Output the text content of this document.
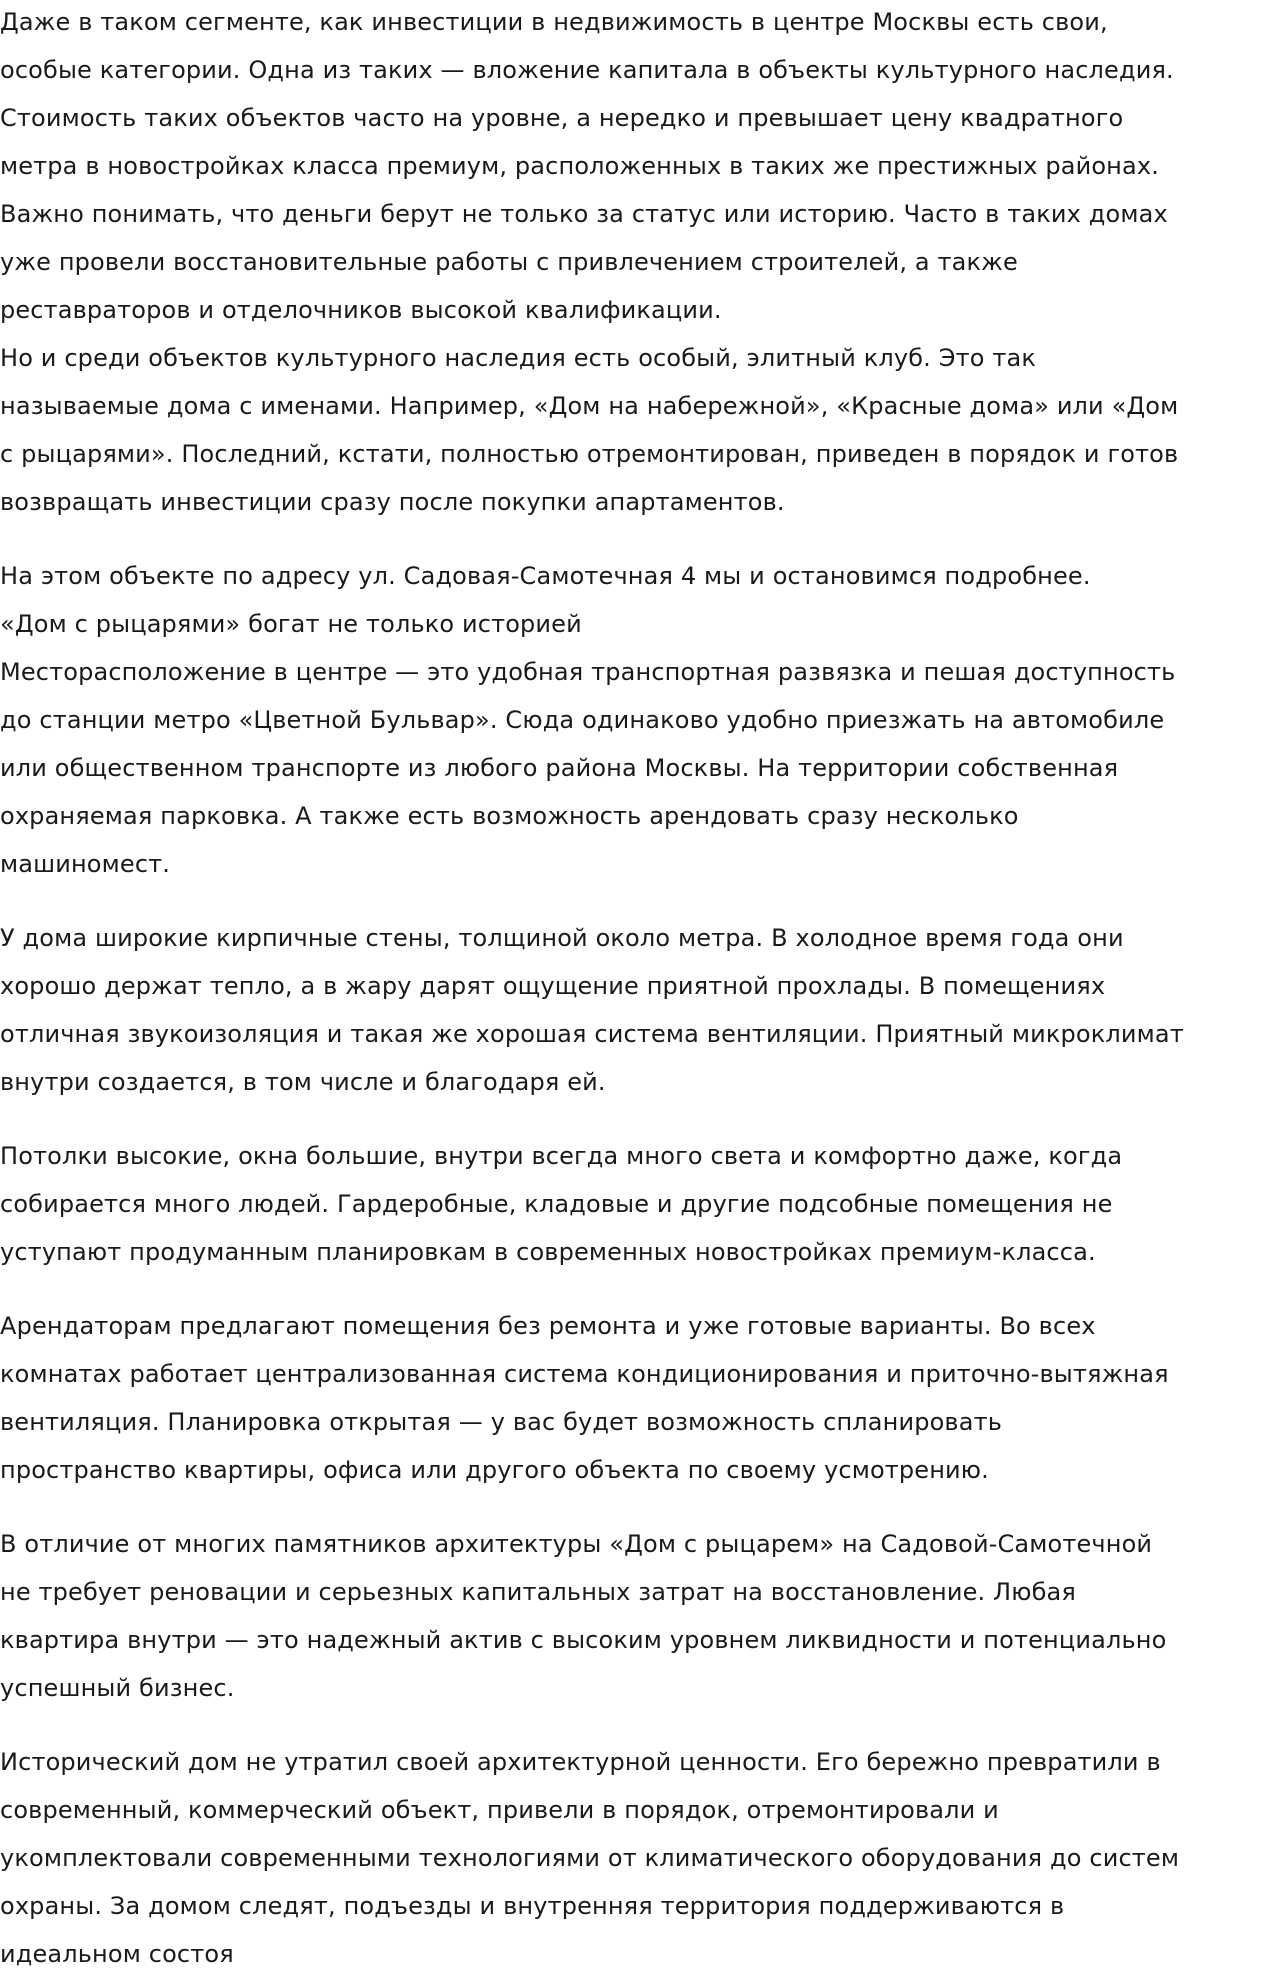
Даже в таком сегменте, как инвестиции в недвижимость в центре Москвы есть свои,
особые категории. Одна из таких — вложение капитала в объекты культурного наследия.
Стоимость таких объектов часто на уровне, а нередко и превышает цену квадратного
метра в новостройках класса премиум, расположенных в таких же престижных районах.
Важно понимать, что деньги берут не только за статус или историю. Часто в таких домах
уже провели восстановительные работы с привлечением строителей, а также
реставраторов и отделочников высокой квалификации.
Но и среди объектов культурного наследия есть особый, элитный клуб. Это так
называемые дома с именами. Например, «Дом на набережной», «Красные дома» или «Дом
с рыцарями». Последний, кстати, полностью отремонтирован, приведен в порядок и готов
возвращать инвестиции сразу после покупки апартаментов.

На этом объекте по адресу ул. Садовая-Самотечная 4 мы и остановимся подробнее.
«Дом с рыцарями» богат не только историей
Месторасположение в центре — это удобная транспортная развязка и пешая доступность
до станции метро «Цветной Бульвар». Сюда одинаково удобно приезжать на автомобиле
или общественном транспорте из любого района Москвы. На территории собственная
охраняемая парковка. А также есть возможность арендовать сразу несколько
машиномест.

У дома широкие кирпичные стены, толщиной около метра. В холодное время года они
хорошо держат тепло, а в жару дарят ощущение приятной прохлады. В помещениях
отличная звукоизоляция и такая же хорошая система вентиляции. Приятный микроклимат
внутри создается, в том числе и благодаря ей.

Потолки высокие, окна большие, внутри всегда много света и комфортно даже, когда
собирается много людей. Гардеробные, кладовые и другие подсобные помещения не
уступают продуманным планировкам в современных новостройках премиум-класса.

Арендаторам предлагают помещения без ремонта и уже готовые варианты. Во всех
комнатах работает централизованная система кондиционирования и приточно-вытяжная
вентиляция. Планировка открытая — у вас будет возможность спланировать
пространство квартиры, офиса или другого объекта по своему усмотрению.

В отличие от многих памятников архитектуры «Дом с рыцарем» на Садовой-Самотечной
не требует реновации и серьезных капитальных затрат на восстановление. Любая
квартира внутри — это надежный актив с высоким уровнем ликвидности и потенциально
успешный бизнес.

Исторический дом не утратил своей архитектурной ценности. Его бережно превратили в
современный, коммерческий объект, привели в порядок, отремонтировали и
укомплектовали современными технологиями от климатического оборудования до систем
охраны. За домом следят, подъезды и внутренняя территория поддерживаются в
идеальном состоя
